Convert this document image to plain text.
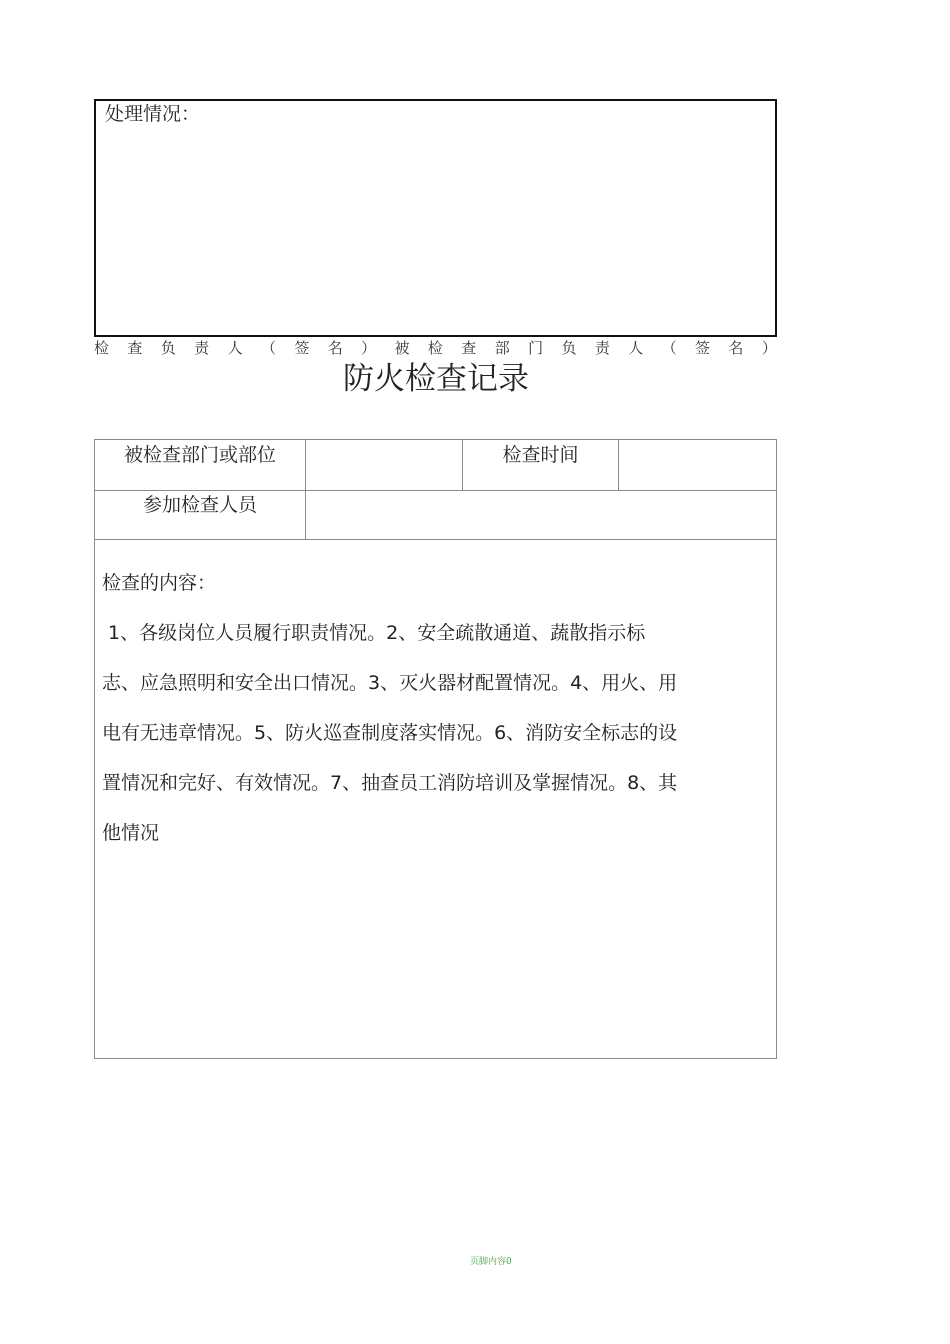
处理情况：
检 查 负 责 人 （ 签 名 ） 被 检 查 部 门 负 责 人 （ 签 名 ）
防火检查记录
被检查部门或部位	检查时间
参加检查人员
检查的内容：
1、各级岗位人员履行职责情况。2、安全疏散通道、蔬散指示标
志、应急照明和安全出口情况。3、灭火器材配置情况。4、用火、用
电有无违章情况。5、防火巡查制度落实情况。6、消防安全标志的设
置情况和完好、有效情况。7、抽查员工消防培训及掌握情况。8、其
他情况
页脚内容0
